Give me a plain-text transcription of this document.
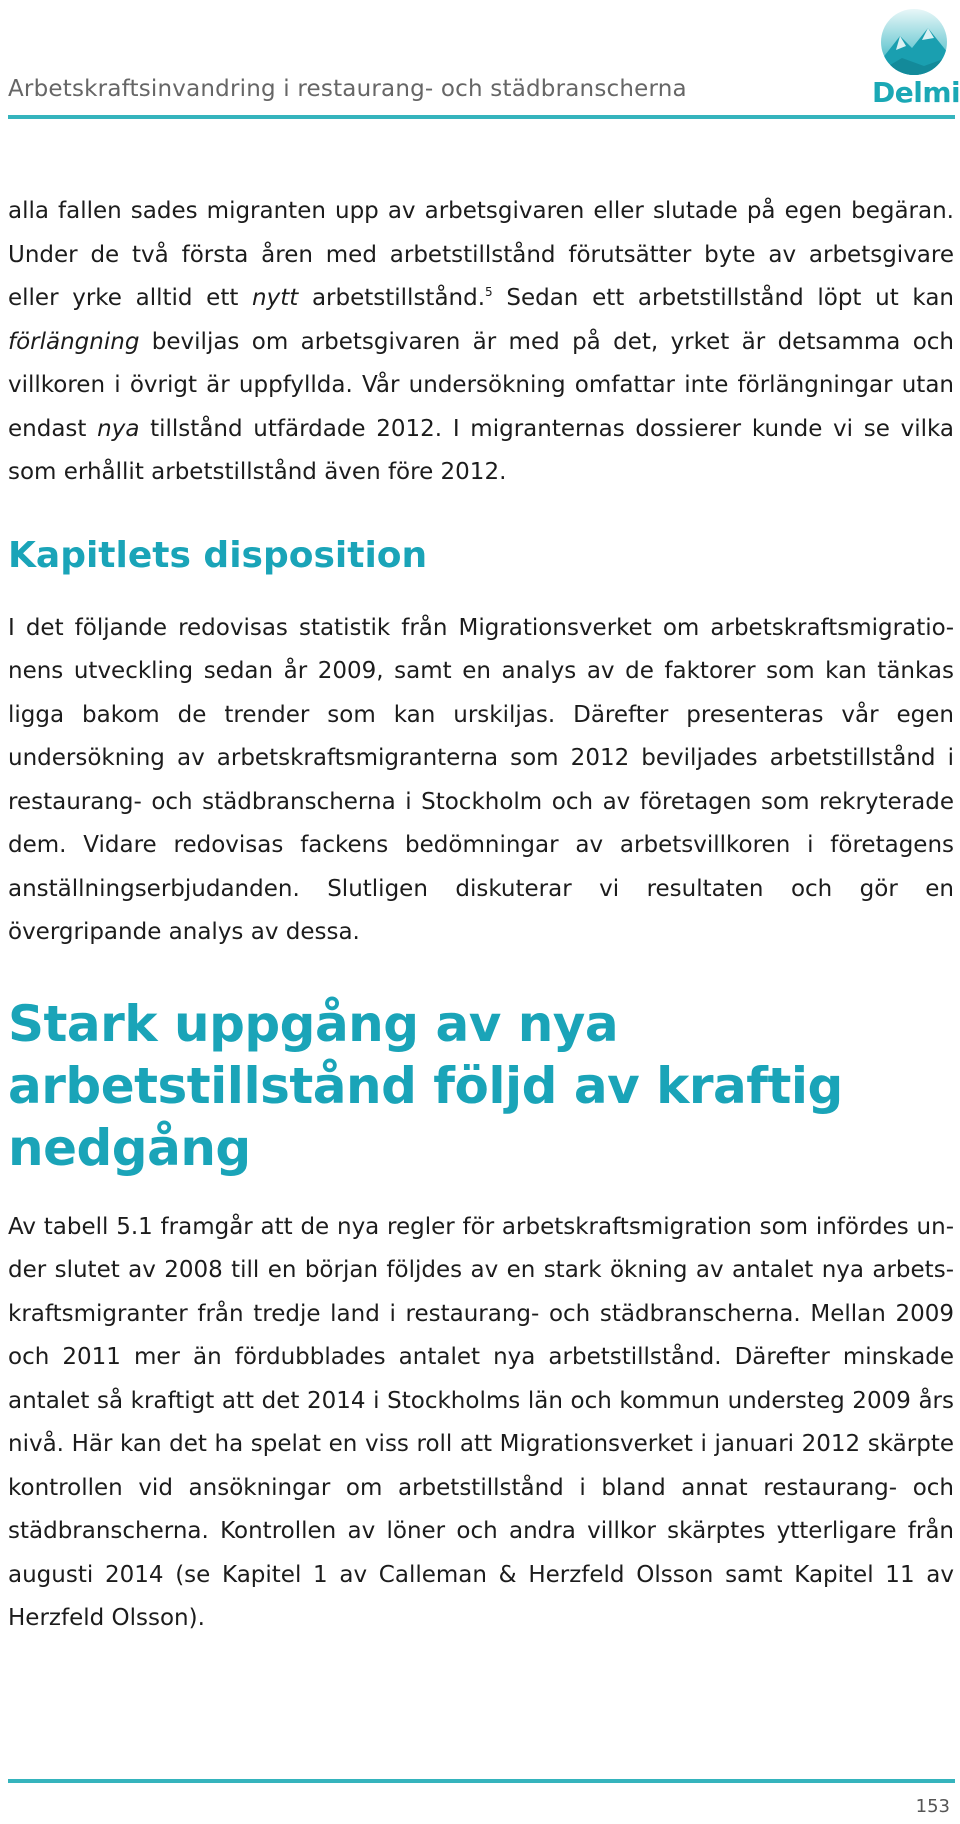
Arbetskraftsinvandring i restaurang- och städbranscherna	Delmi

alla fallen sades migranten upp av arbetsgivaren eller slutade på egen begäran. Under de två första åren med arbetstillstånd förutsätter byte av arbetsgivare eller yrke alltid ett nytt arbetstillstånd.$^5$ Sedan ett arbetstillstånd löpt ut kan förlängning beviljas om arbetsgivaren är med på det, yrket är detsamma och villkoren i övrigt är uppfyllda. Vår undersökning omfattar inte förlängningar utan endast nya tillstånd utfärdade 2012. I migranternas dossierer kunde vi se vilka som erhållit arbetstillstånd även före 2012.

Kapitlets disposition

I det följande redovisas statistik från Migrationsverket om arbetskraftsmigrationens utveckling sedan år 2009, samt en analys av de faktorer som kan tänkas ligga bakom de trender som kan urskiljas. Därefter presenteras vår egen undersökning av arbetskraftsmigranterna som 2012 beviljades arbetstillstånd i restaurang- och städbranscherna i Stockholm och av företagen som rekryterade dem. Vidare redovisas fackens bedömningar av arbetsvillkoren i företagens anställningserbjudanden. Slutligen diskuterar vi resultaten och gör en övergripande analys av dessa.

Stark uppgång av nya arbetstillstånd följd av kraftig nedgång

Av tabell 5.1 framgår att de nya regler för arbetskraftsmigration som infördes under slutet av 2008 till en början följdes av en stark ökning av antalet nya arbetskraftsmigranter från tredje land i restaurang- och städbranscherna. Mellan 2009 och 2011 mer än fördubblades antalet nya arbetstillstånd. Därefter minskade antalet så kraftigt att det 2014 i Stockholms län och kommun understeg 2009 års nivå. Här kan det ha spelat en viss roll att Migrationsverket i januari 2012 skärpte kontrollen vid ansökningar om arbetstillstånd i bland annat restaurang- och städbranscherna. Kontrollen av löner och andra villkor skärptes ytterligare från augusti 2014 (se Kapitel 1 av Calleman & Herzfeld Olsson samt Kapitel 11 av Herzfeld Olsson).

153
